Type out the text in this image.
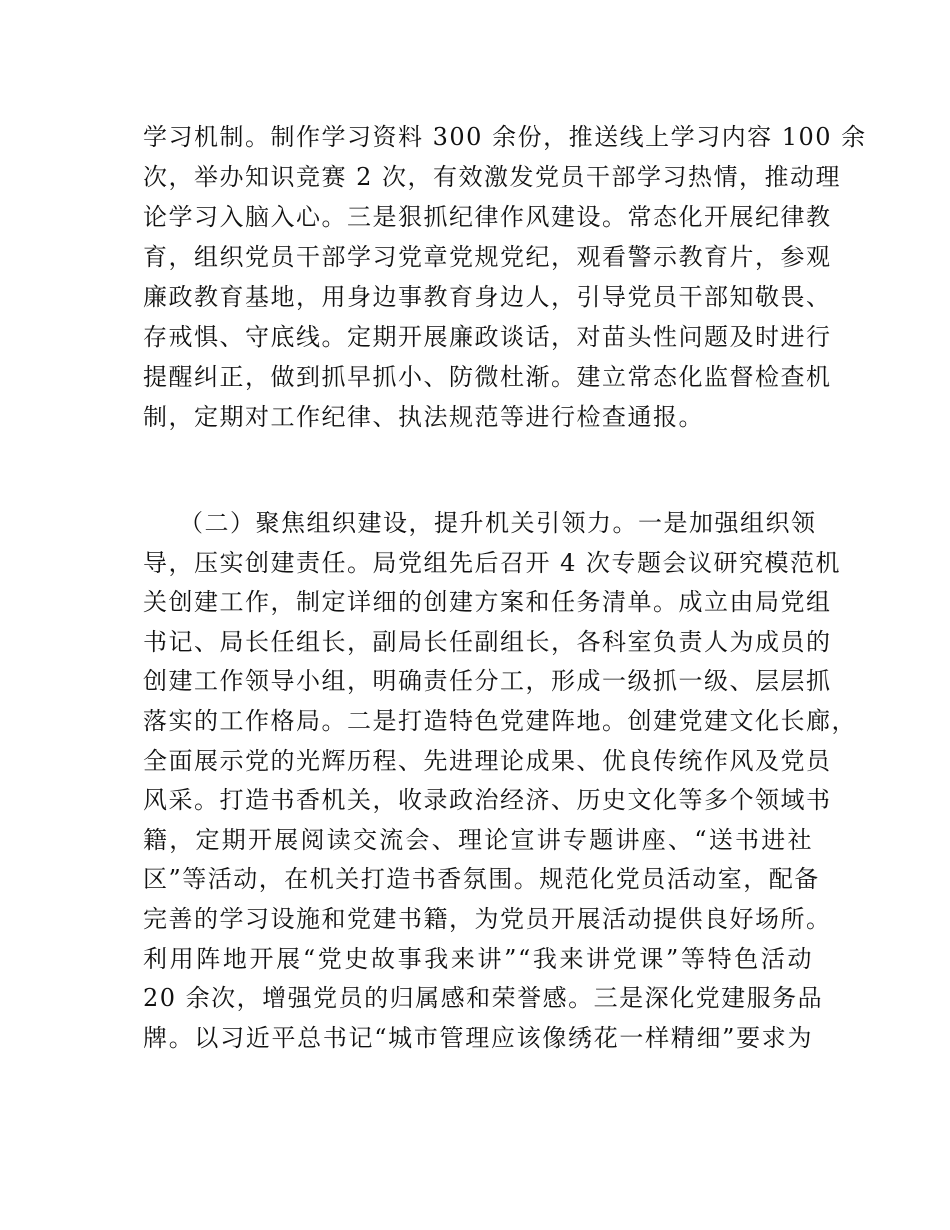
学习机制。制作学习资料 300 余份，推送线上学习内容 100 余
次，举办知识竞赛 2 次，有效激发党员干部学习热情，推动理
论学习入脑入心。三是狠抓纪律作风建设。常态化开展纪律教
育，组织党员干部学习党章党规党纪，观看警示教育片，参观
廉政教育基地，用身边事教育身边人，引导党员干部知敬畏、
存戒惧、守底线。定期开展廉政谈话，对苗头性问题及时进行
提醒纠正，做到抓早抓小、防微杜渐。建立常态化监督检查机
制，定期对工作纪律、执法规范等进行检查通报。
（二）聚焦组织建设，提升机关引领力。一是加强组织领
导，压实创建责任。局党组先后召开 4 次专题会议研究模范机
关创建工作，制定详细的创建方案和任务清单。成立由局党组
书记、局长任组长，副局长任副组长，各科室负责人为成员的
创建工作领导小组，明确责任分工，形成一级抓一级、层层抓
落实的工作格局。二是打造特色党建阵地。创建党建文化长廊，
全面展示党的光辉历程、先进理论成果、优良传统作风及党员
风采。打造书香机关，收录政治经济、历史文化等多个领域书
籍，定期开展阅读交流会、理论宣讲专题讲座、“送书进社
区”等活动，在机关打造书香氛围。规范化党员活动室，配备
完善的学习设施和党建书籍，为党员开展活动提供良好场所。
利用阵地开展“党史故事我来讲”“我来讲党课”等特色活动
20 余次，增强党员的归属感和荣誉感。三是深化党建服务品
牌。以习近平总书记“城市管理应该像绣花一样精细”要求为
